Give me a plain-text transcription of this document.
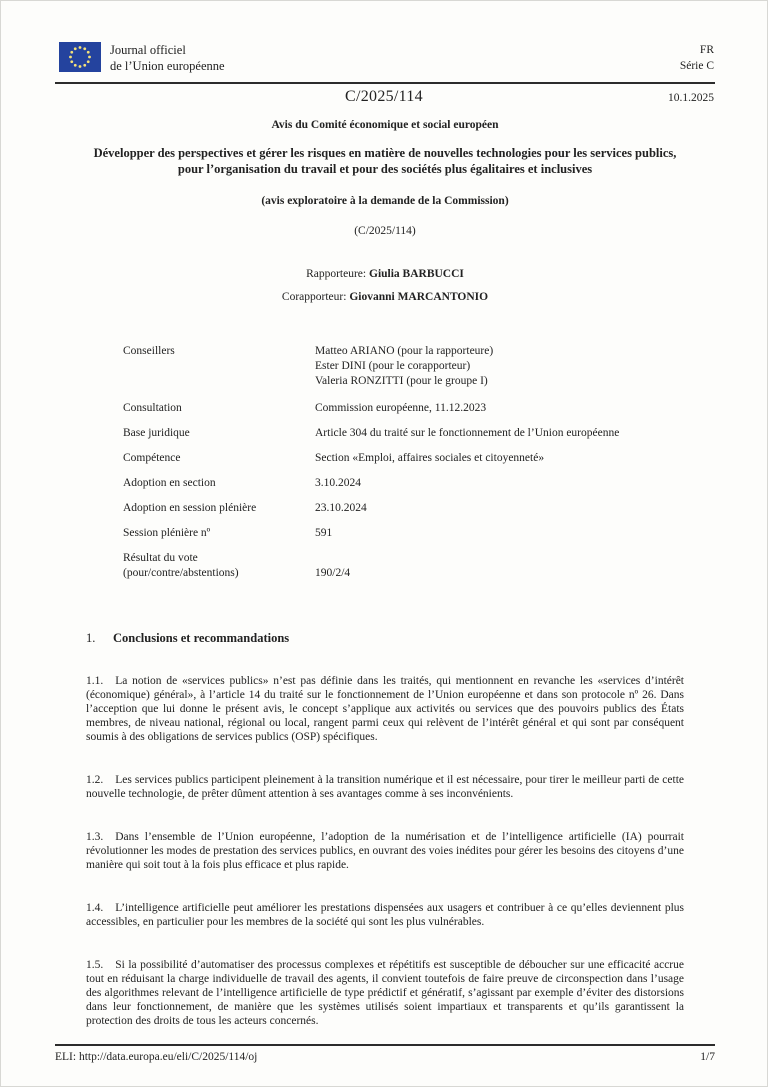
Journal officiel
de l’Union européenne
FR
Série C
C/2025/114	10.1.2025
Avis du Comité économique et social européen
Développer des perspectives et gérer les risques en matière de nouvelles technologies pour les services publics, pour l’organisation du travail et pour des sociétés plus égalitaires et inclusives
(avis exploratoire à la demande de la Commission)
(C/2025/114)
Rapporteure: Giulia BARBUCCI
Corapporteur: Giovanni MARCANTONIO
Conseillers	Matteo ARIANO (pour la rapporteure)
Ester DINI (pour le corapporteur)
Valeria RONZITTI (pour le groupe I)
Consultation	Commission européenne, 11.12.2023
Base juridique	Article 304 du traité sur le fonctionnement de l’Union européenne
Compétence	Section «Emploi, affaires sociales et citoyenneté»
Adoption en section	3.10.2024
Adoption en session plénière	23.10.2024
Session plénière nº	591
Résultat du vote (pour/contre/abstentions)	190/2/4
1. Conclusions et recommandations

1.1. La notion de «services publics» n’est pas définie dans les traités, qui mentionnent en revanche les «services d’intérêt (économique) général», à l’article 14 du traité sur le fonctionnement de l’Union européenne et dans son protocole nº 26. Dans l’acception que lui donne le présent avis, le concept s’applique aux activités ou services que des pouvoirs publics des États membres, de niveau national, régional ou local, rangent parmi ceux qui relèvent de l’intérêt général et qui sont par conséquent soumis à des obligations de services publics (OSP) spécifiques.

1.2. Les services publics participent pleinement à la transition numérique et il est nécessaire, pour tirer le meilleur parti de cette nouvelle technologie, de prêter dûment attention à ses avantages comme à ses inconvénients.

1.3. Dans l’ensemble de l’Union européenne, l’adoption de la numérisation et de l’intelligence artificielle (IA) pourrait révolutionner les modes de prestation des services publics, en ouvrant des voies inédites pour gérer les besoins des citoyens d’une manière qui soit tout à la fois plus efficace et plus rapide.

1.4. L’intelligence artificielle peut améliorer les prestations dispensées aux usagers et contribuer à ce qu’elles deviennent plus accessibles, en particulier pour les membres de la société qui sont les plus vulnérables.

1.5. Si la possibilité d’automatiser des processus complexes et répétitifs est susceptible de déboucher sur une efficacité accrue tout en réduisant la charge individuelle de travail des agents, il convient toutefois de faire preuve de circonspection dans l’usage des algorithmes relevant de l’intelligence artificielle de type prédictif et génératif, s’agissant par exemple d’éviter des distorsions dans leur fonctionnement, de manière que les systèmes utilisés soient impartiaux et transparents et qu’ils garantissent la protection des droits de tous les acteurs concernés.

ELI: http://data.europa.eu/eli/C/2025/114/oj	1/7
